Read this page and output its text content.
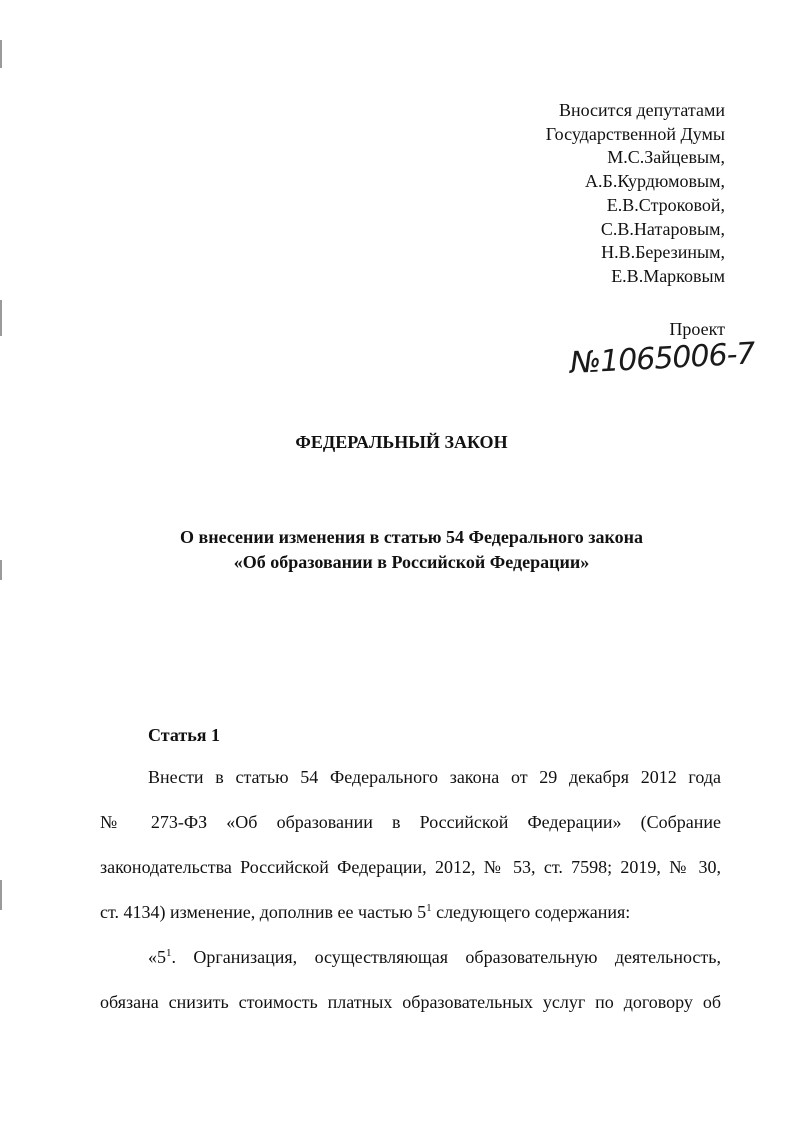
Вносится депутатами
Государственной Думы
М.С.Зайцевым,
А.Б.Курдюмовым,
Е.В.Строковой,
С.В.Натаровым,
Н.В.Березиным,
Е.В.Марковым
Проект
№1065006-7
ФЕДЕРАЛЬНЫЙ ЗАКОН
О внесении изменения в статью 54 Федерального закона
«Об образовании в Российской Федерации»
Статья 1
Внести в статью 54 Федерального закона от 29 декабря 2012 года
№ 273-ФЗ «Об образовании в Российской Федерации» (Собрание
законодательства Российской Федерации, 2012, № 53, ст. 7598; 2019, № 30,
ст. 4134) изменение, дополнив ее частью $5^1$ следующего содержания:
«$5^1$. Организация, осуществляющая образовательную деятельность,
обязана снизить стоимость платных образовательных услуг по договору об
